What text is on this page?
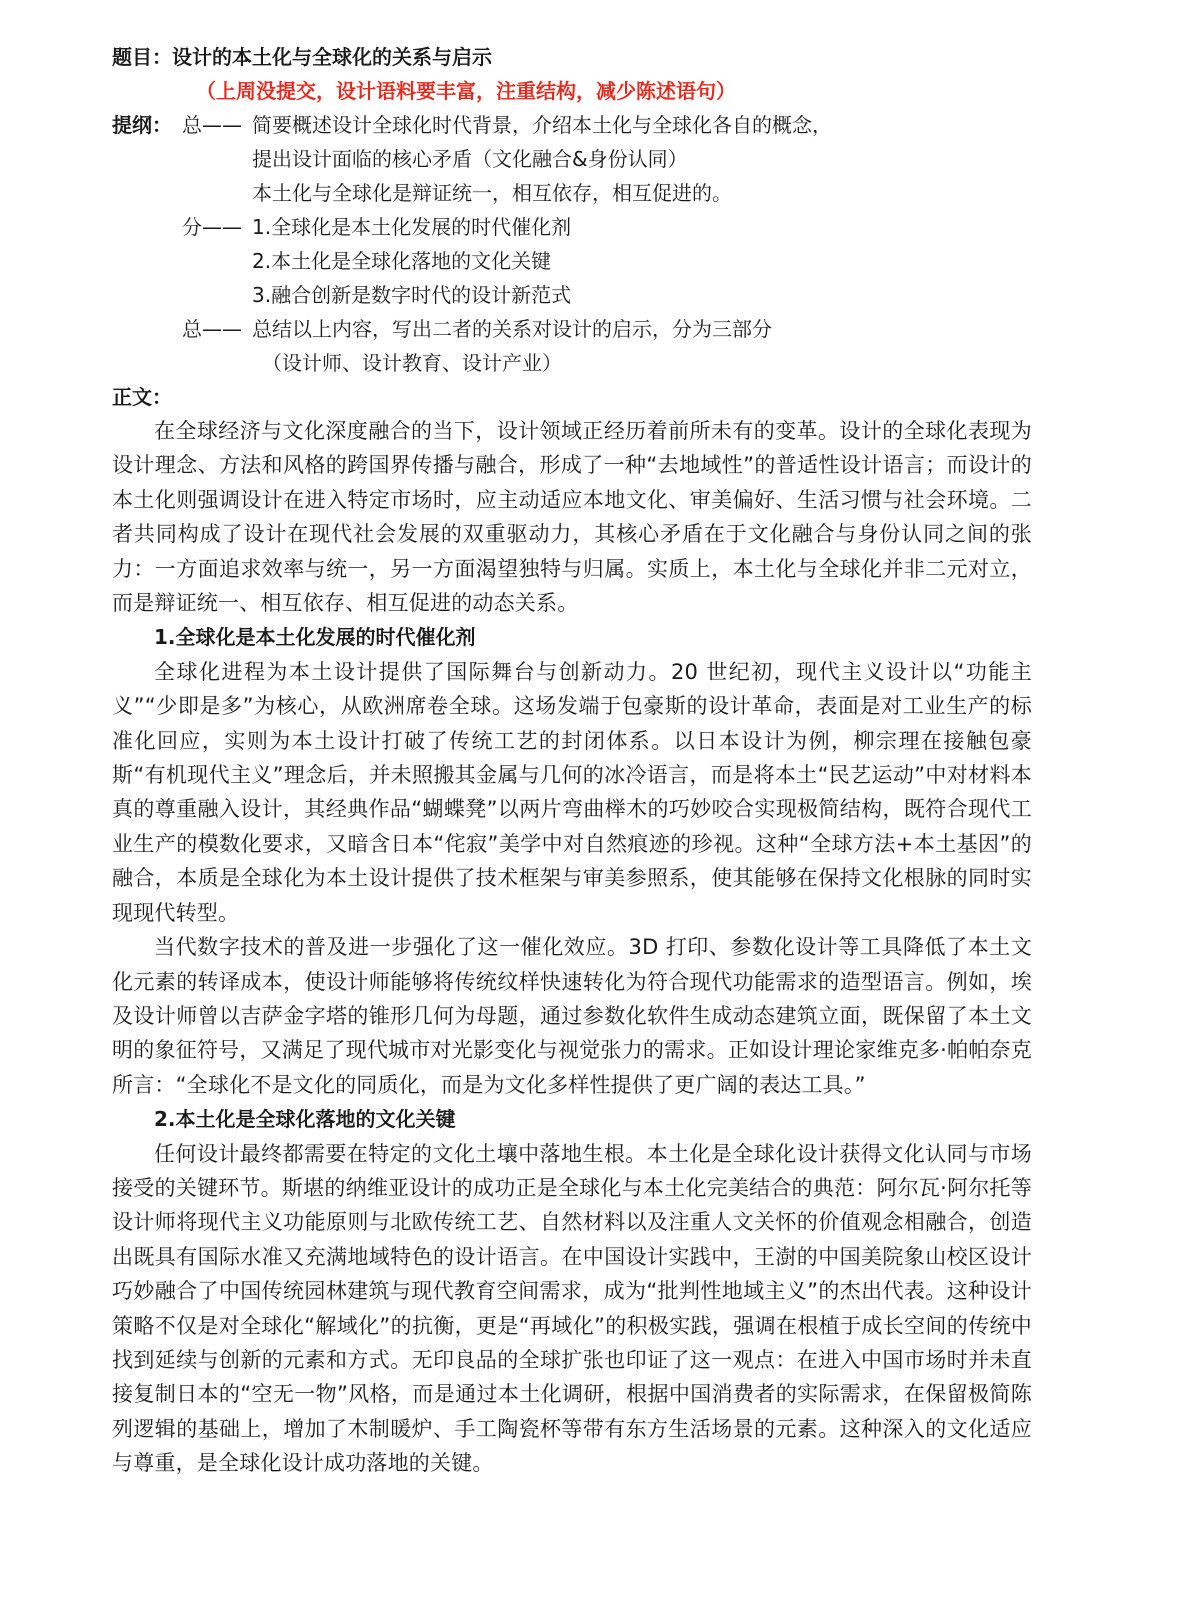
题目：设计的本土化与全球化的关系与启示
（上周没提交，设计语料要丰富，注重结构，减少陈述语句）
提纲： 总—— 简要概述设计全球化时代背景，介绍本土化与全球化各自的概念，
提出设计面临的核心矛盾（文化融合&身份认同）
本土化与全球化是辩证统一，相互依存，相互促进的。
分—— 1.全球化是本土化发展的时代催化剂
2.本土化是全球化落地的文化关键
3.融合创新是数字时代的设计新范式
总—— 总结以上内容，写出二者的关系对设计的启示，分为三部分
（设计师、设计教育、设计产业）
正文：

在全球经济与文化深度融合的当下，设计领域正经历着前所未有的变革。设计的全球化表现为设计理念、方法和风格的跨国界传播与融合，形成了一种“去地域性”的普适性设计语言；而设计的本土化则强调设计在进入特定市场时，应主动适应本地文化、审美偏好、生活习惯与社会环境。二者共同构成了设计在现代社会发展的双重驱动力，其核心矛盾在于文化融合与身份认同之间的张力：一方面追求效率与统一，另一方面渴望独特与归属。实质上，本土化与全球化并非二元对立，而是辩证统一、相互依存、相互促进的动态关系。

1.全球化是本土化发展的时代催化剂

全球化进程为本土设计提供了国际舞台与创新动力。20 世纪初，现代主义设计以“功能主义”“少即是多”为核心，从欧洲席卷全球。这场发端于包豪斯的设计革命，表面是对工业生产的标准化回应，实则为本土设计打破了传统工艺的封闭体系。以日本设计为例，柳宗理在接触包豪斯“有机现代主义”理念后，并未照搬其金属与几何的冰冷语言，而是将本土“民艺运动”中对材料本真的尊重融入设计，其经典作品“蝴蝶凳”以两片弯曲榉木的巧妙咬合实现极简结构，既符合现代工业生产的模数化要求，又暗含日本“侘寂”美学中对自然痕迹的珍视。这种“全球方法+本土基因”的融合，本质是全球化为本土设计提供了技术框架与审美参照系，使其能够在保持文化根脉的同时实现现代转型。

当代数字技术的普及进一步强化了这一催化效应。3D 打印、参数化设计等工具降低了本土文化元素的转译成本，使设计师能够将传统纹样快速转化为符合现代功能需求的造型语言。例如，埃及设计师曾以吉萨金字塔的锥形几何为母题，通过参数化软件生成动态建筑立面，既保留了本土文明的象征符号，又满足了现代城市对光影变化与视觉张力的需求。正如设计理论家维克多·帕帕奈克所言：“全球化不是文化的同质化，而是为文化多样性提供了更广阔的表达工具。”

2.本土化是全球化落地的文化关键

任何设计最终都需要在特定的文化土壤中落地生根。本土化是全球化设计获得文化认同与市场接受的关键环节。斯堪的纳维亚设计的成功正是全球化与本土化完美结合的典范：阿尔瓦·阿尔托等设计师将现代主义功能原则与北欧传统工艺、自然材料以及注重人文关怀的价值观念相融合，创造出既具有国际水准又充满地域特色的设计语言。在中国设计实践中，王澍的中国美院象山校区设计巧妙融合了中国传统园林建筑与现代教育空间需求，成为“批判性地域主义”的杰出代表。这种设计策略不仅是对全球化“解域化”的抗衡，更是“再域化”的积极实践，强调在根植于成长空间的传统中找到延续与创新的元素和方式。无印良品的全球扩张也印证了这一观点：在进入中国市场时并未直接复制日本的“空无一物”风格，而是通过本土化调研，根据中国消费者的实际需求，在保留极简陈列逻辑的基础上，增加了木制暖炉、手工陶瓷杯等带有东方生活场景的元素。这种深入的文化适应与尊重，是全球化设计成功落地的关键。
